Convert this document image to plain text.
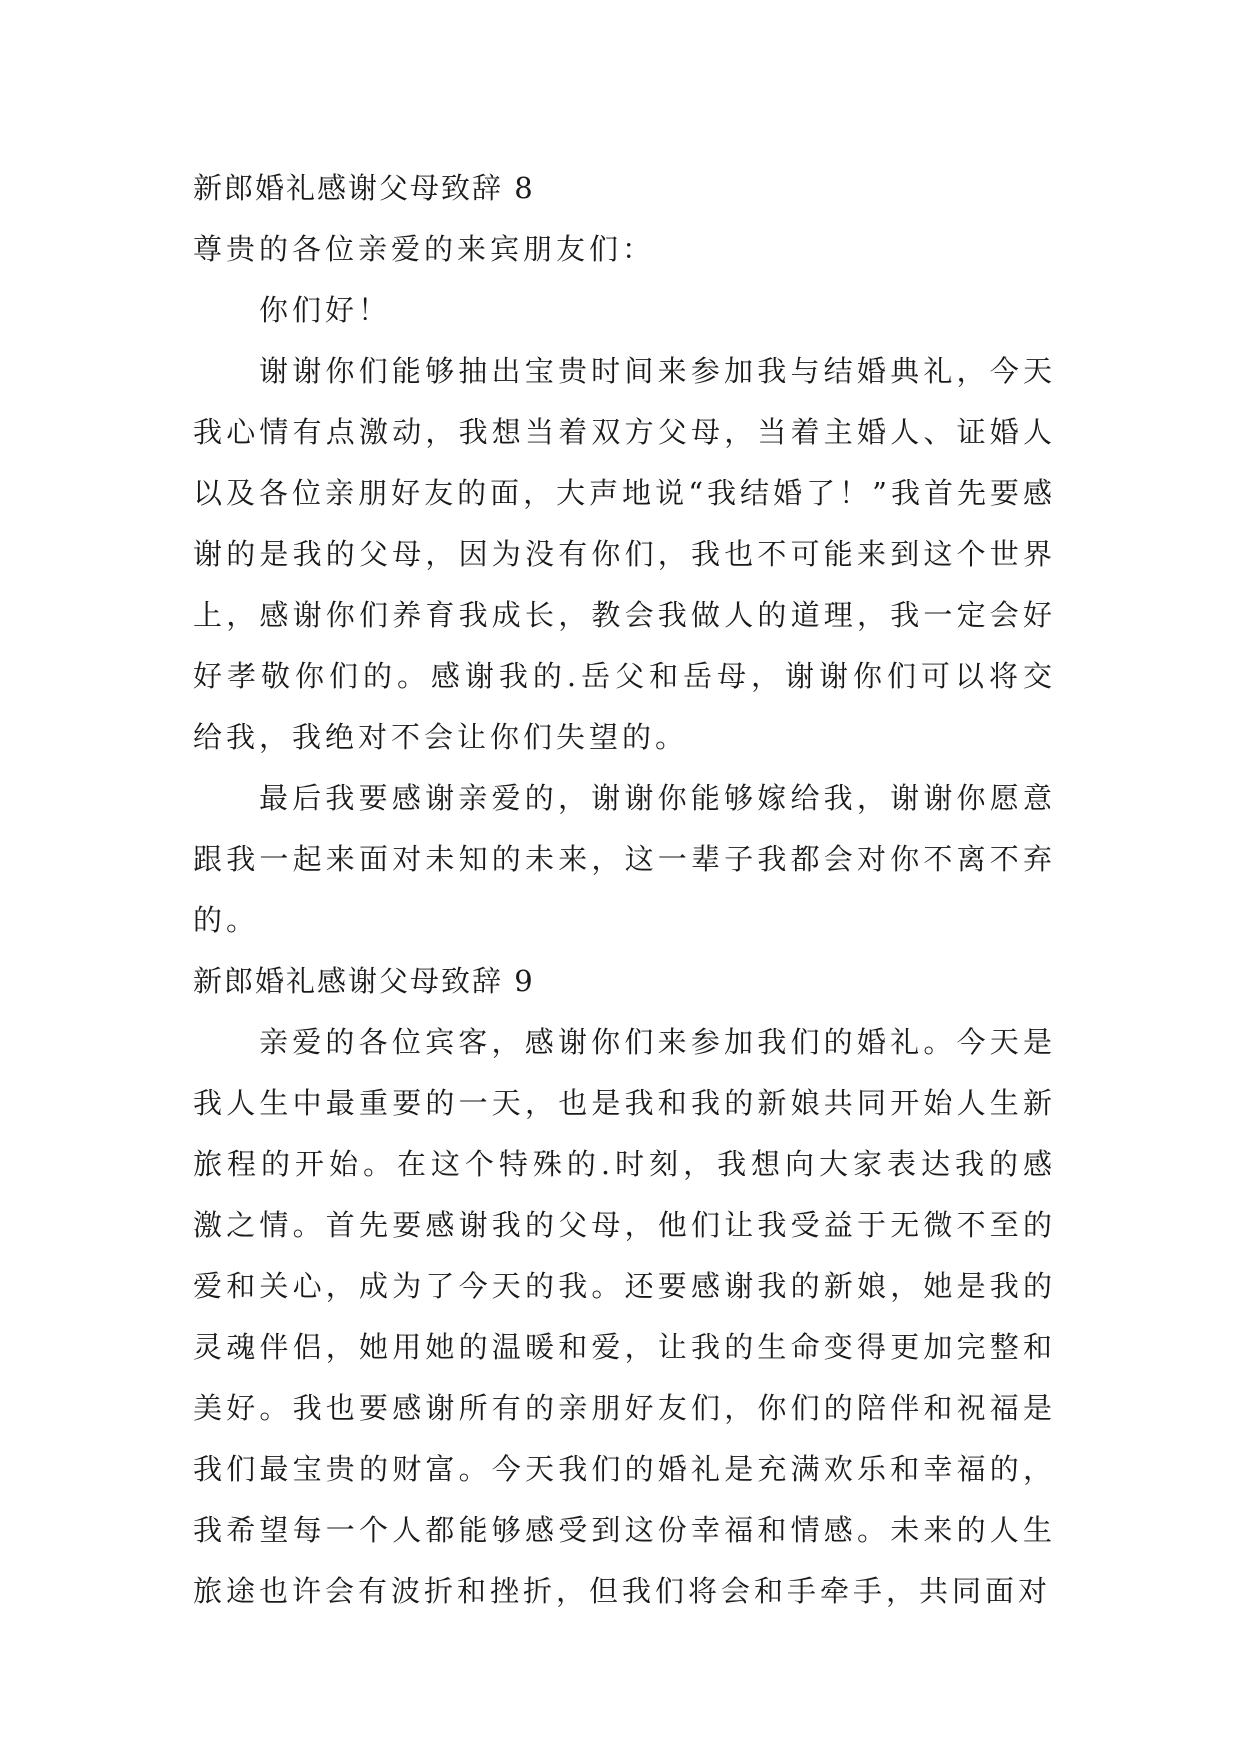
新郎婚礼感谢父母致辞 8

尊贵的各位亲爱的来宾朋友们：

你们好！

谢谢你们能够抽出宝贵时间来参加我与结婚典礼，今天我心情有点激动，我想当着双方父母，当着主婚人、证婚人以及各位亲朋好友的面，大声地说“我结婚了！”我首先要感谢的是我的父母，因为没有你们，我也不可能来到这个世界上，感谢你们养育我成长，教会我做人的道理，我一定会好好孝敬你们的。感谢我的.岳父和岳母，谢谢你们可以将交给我，我绝对不会让你们失望的。

最后我要感谢亲爱的，谢谢你能够嫁给我，谢谢你愿意跟我一起来面对未知的未来，这一辈子我都会对你不离不弃的。

新郎婚礼感谢父母致辞 9

亲爱的各位宾客，感谢你们来参加我们的婚礼。今天是我人生中最重要的一天，也是我和我的新娘共同开始人生新旅程的开始。在这个特殊的.时刻，我想向大家表达我的感激之情。首先要感谢我的父母，他们让我受益于无微不至的爱和关心，成为了今天的我。还要感谢我的新娘，她是我的灵魂伴侣，她用她的温暖和爱，让我的生命变得更加完整和美好。我也要感谢所有的亲朋好友们，你们的陪伴和祝福是我们最宝贵的财富。今天我们的婚礼是充满欢乐和幸福的，我希望每一个人都能够感受到这份幸福和情感。未来的人生旅途也许会有波折和挫折，但我们将会和手牵手，共同面对
